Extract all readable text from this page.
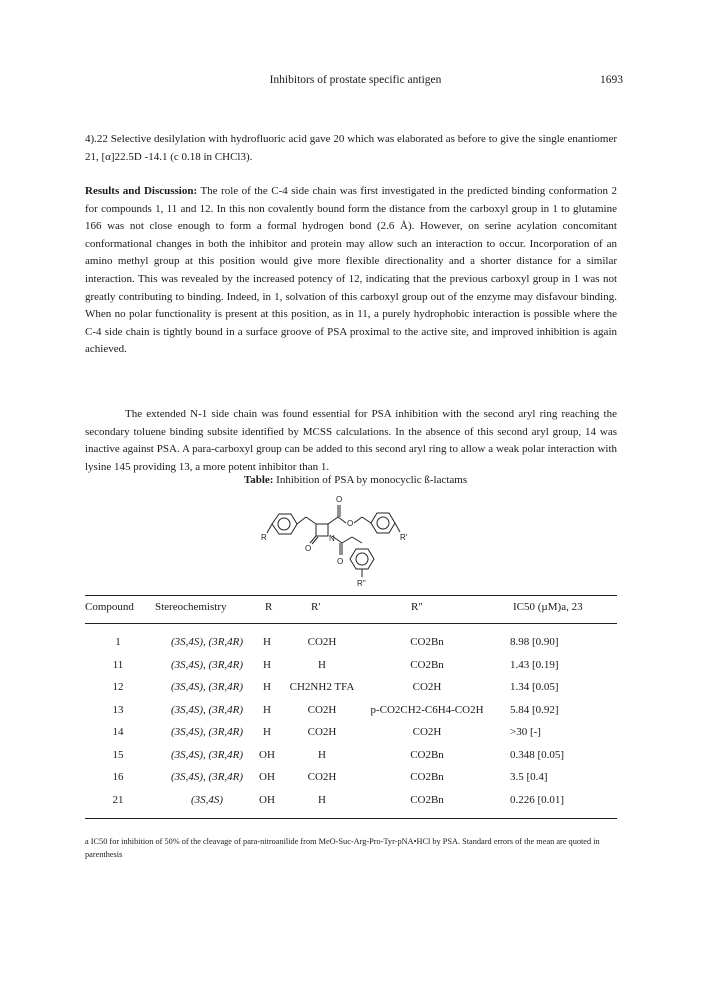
Inhibitors of prostate specific antigen	1693
4).22 Selective desilylation with hydrofluoric acid gave 20 which was elaborated as before to give the single enantiomer 21, [α]22.5D -14.1 (c 0.18 in CHCl3).
Results and Discussion: The role of the C-4 side chain was first investigated in the predicted binding conformation 2 for compounds 1, 11 and 12. In this non covalently bound form the distance from the carboxyl group in 1 to glutamine 166 was not close enough to form a formal hydrogen bond (2.6 Å). However, on serine acylation concomitant conformational changes in both the inhibitor and protein may allow such an interaction to occur. Incorporation of an amino methyl group at this position would give more flexible directionality and a shorter distance for a similar interaction. This was revealed by the increased potency of 12, indicating that the previous carboxyl group in 1 was not greatly contributing to binding. Indeed, in 1, solvation of this carboxyl group out of the enzyme may disfavour binding. When no polar functionality is present at this position, as in 11, a purely hydrophobic interaction is possible where the C-4 side chain is tightly bound in a surface groove of PSA proximal to the active site, and improved inhibition is again achieved.
The extended N-1 side chain was found essential for PSA inhibition with the second aryl ring reaching the secondary toluene binding subsite identified by MCSS calculations. In the absence of this second aryl group, 14 was inactive against PSA. A para-carboxyl group can be added to this second aryl ring to allow a weak polar interaction with lysine 145 providing 13, a more potent inhibitor than 1.
Table: Inhibition of PSA by monocyclic ß-lactams
R	R'
R''
O
O
O
N
O
Compound Stereochemistry	R	R'	R"	IC50 (µM)a, 23
1	(3S,4S), (3R,4R)	H	CO2H	CO2Bn	8.98 [0.90]
11	(3S,4S), (3R,4R)	H	H	CO2Bn	1.43 [0.19]
12	(3S,4S), (3R,4R)	H	CH2NH2 TFA	CO2H	1.34 [0.05]
13	(3S,4S), (3R,4R)	H	CO2H	p-CO2CH2-C6H4-CO2H	5.84 [0.92]
14	(3S,4S), (3R,4R)	H	CO2H	CO2H	>30 [-]
15	(3S,4S), (3R,4R)	OH	H	CO2Bn	0.348 [0.05]
16	(3S,4S), (3R,4R)	OH	CO2H	CO2Bn	3.5 [0.4]
21	(3S,4S)	OH	H	CO2Bn	0.226 [0.01]
a IC50 for inhibition of 50% of the cleavage of para-nitroanilide from MeO-Suc-Arg-Pro-Tyr-pNA•HCl by PSA. Standard errors of the mean are quoted in parenthesis
